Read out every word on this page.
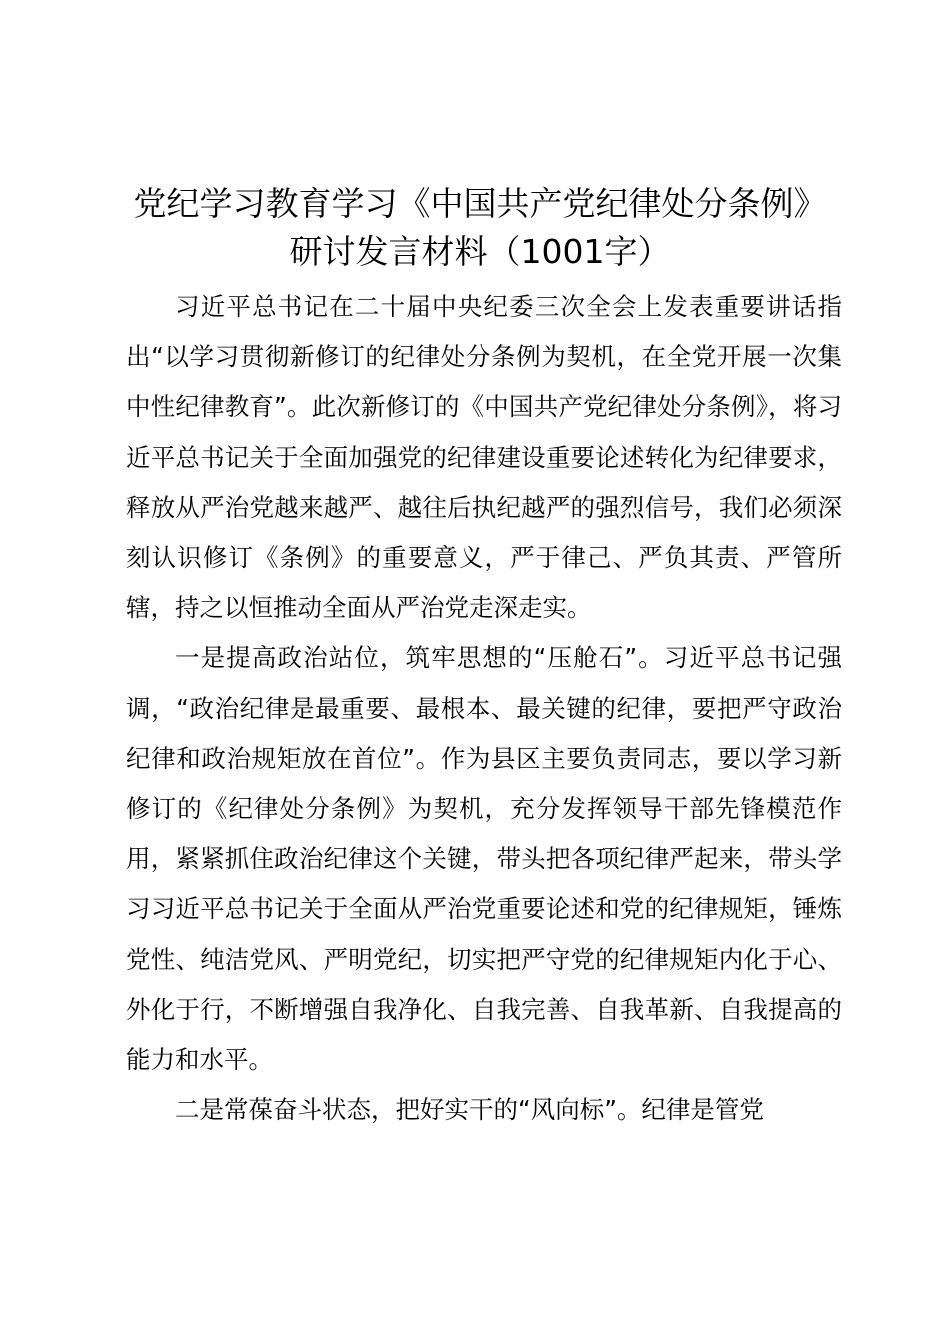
党纪学习教育学习《中国共产党纪律处分条例》研讨发言材料（1001字）

习近平总书记在二十届中央纪委三次全会上发表重要讲话指出“以学习贯彻新修订的纪律处分条例为契机，在全党开展一次集中性纪律教育”。此次新修订的《中国共产党纪律处分条例》，将习近平总书记关于全面加强党的纪律建设重要论述转化为纪律要求，释放从严治党越来越严、越往后执纪越严的强烈信号，我们必须深刻认识修订《条例》的重要意义，严于律己、严负其责、严管所辖，持之以恒推动全面从严治党走深走实。

一是提高政治站位，筑牢思想的“压舱石”。习近平总书记强调，“政治纪律是最重要、最根本、最关键的纪律，要把严守政治纪律和政治规矩放在首位”。作为县区主要负责同志，要以学习新修订的《纪律处分条例》为契机，充分发挥领导干部先锋模范作用，紧紧抓住政治纪律这个关键，带头把各项纪律严起来，带头学习习近平总书记关于全面从严治党重要论述和党的纪律规矩，锤炼党性、纯洁党风、严明党纪，切实把严守党的纪律规矩内化于心、外化于行，不断增强自我净化、自我完善、自我革新、自我提高的能力和水平。

二是常葆奋斗状态，把好实干的“风向标”。纪律是管党
